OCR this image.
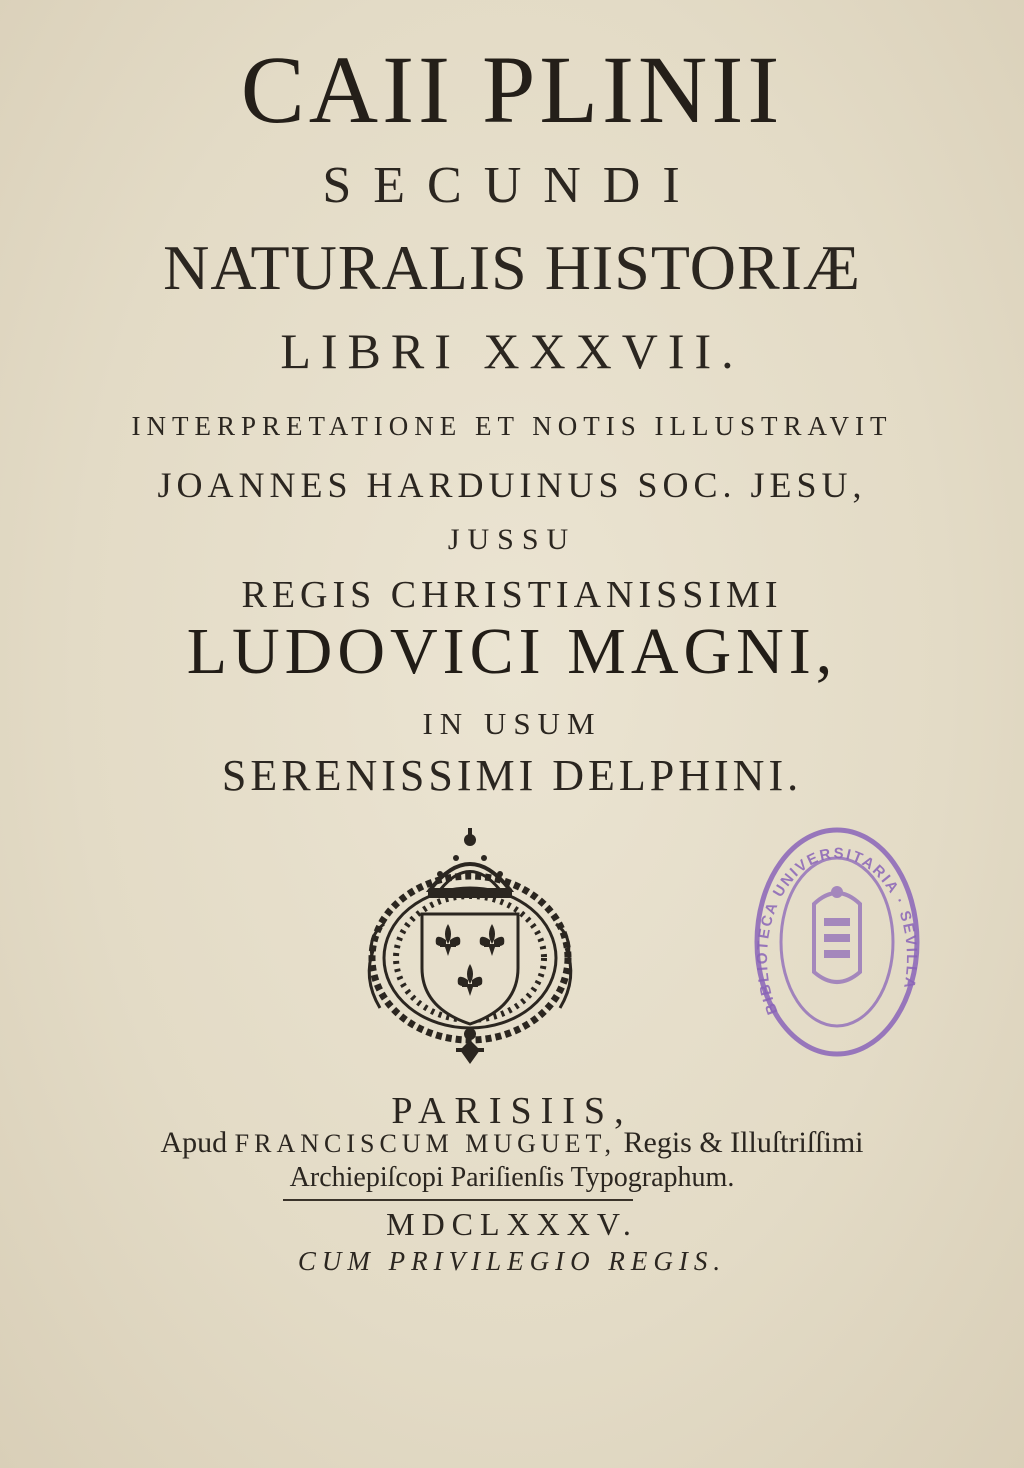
CAII PLINII
SECUNDI
NATURALIS HISTORIÆ
LIBRI XXXVII.
INTERPRETATIONE ET NOTIS ILLUSTRAVIT
JOANNES HARDUINUS SOC. JESU,
JUSSU
REGIS CHRISTIANISSIMI
LUDOVICI MAGNI,
IN USUM
SERENISSIMI DELPHINI.
BIBLIOTECA UNIVERSITARIA · SEVILLA
PARISIIS,
Apud FRANCISCUM MUGUET, Regis & Illuſtriſſimi
Archiepiſcopi Pariſienſis Typographum.
MDCLXXXV.
CUM PRIVILEGIO REGIS.
